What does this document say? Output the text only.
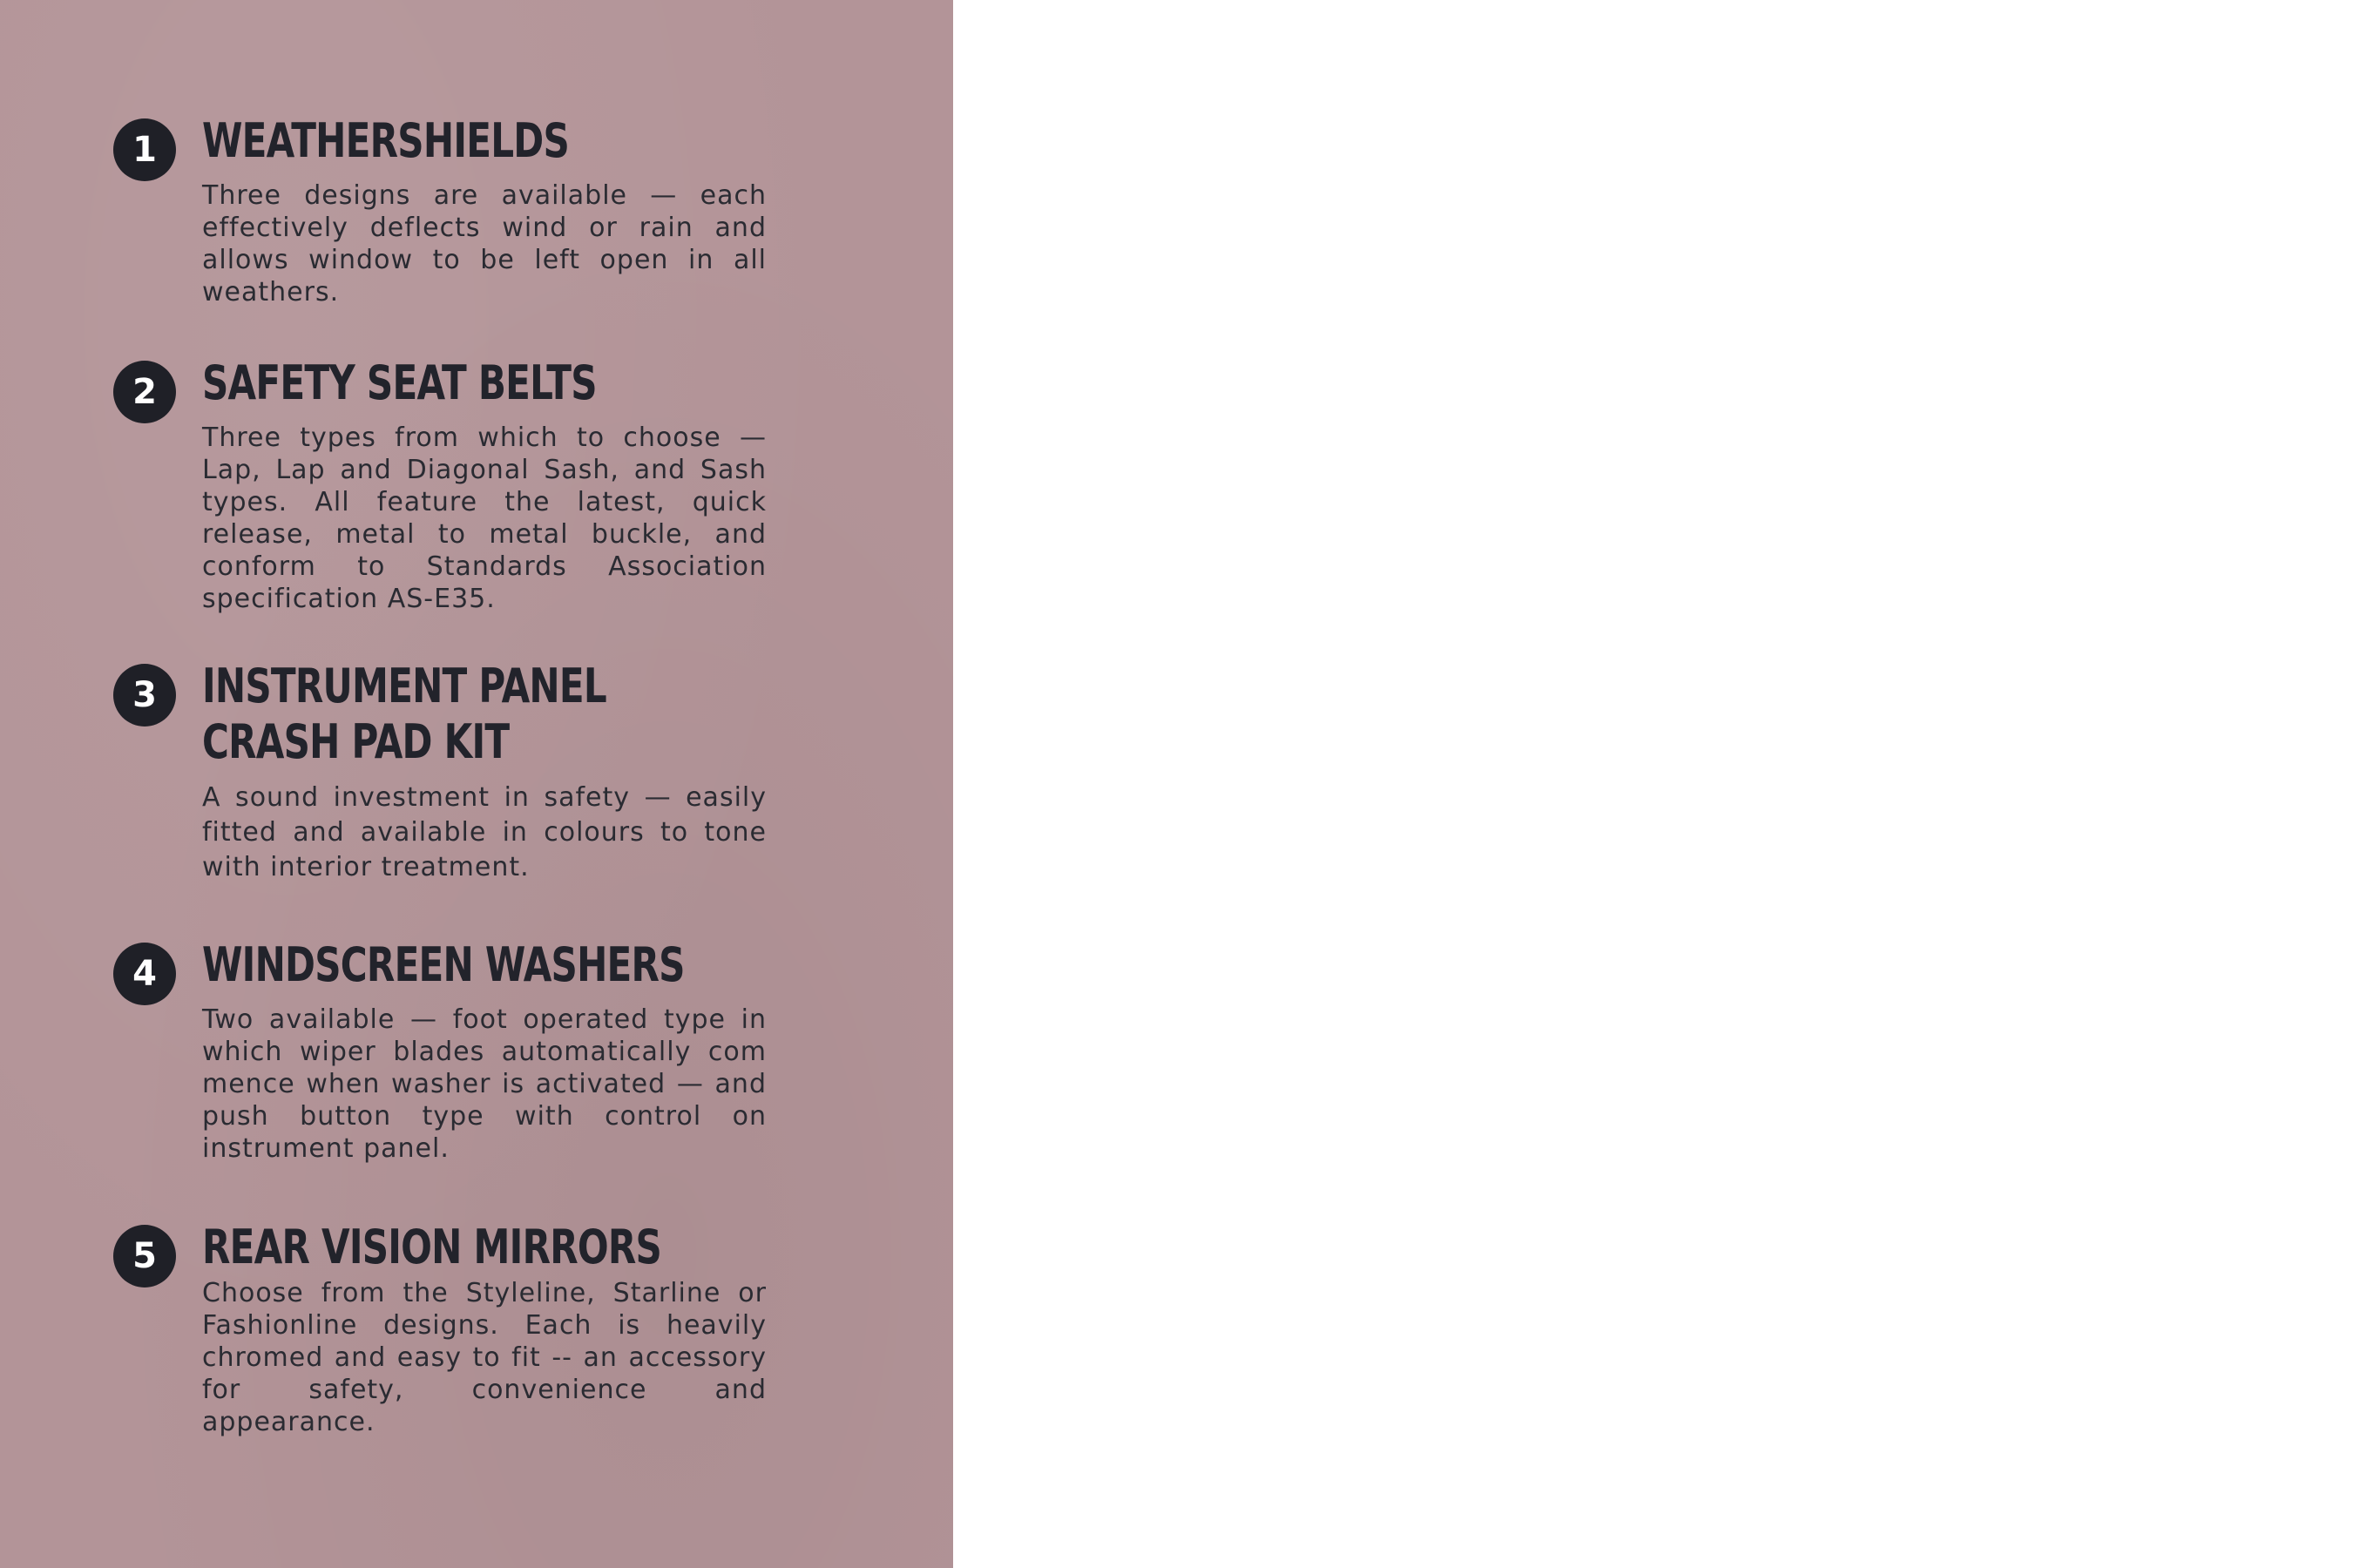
1 WEATHERSHIELDS

Three designs are available — each effectively deflects wind or rain and allows window to be left open in all weathers.

2 SAFETY SEAT BELTS

Three types from which to choose — Lap, Lap and Diagonal Sash, and Sash types. All feature the latest, quick release, metal to metal buckle, and conform to Standards Association specification AS-E35.

3 INSTRUMENT PANEL
CRASH PAD KIT

A sound investment in safety — easily fitted and available in colours to tone with interior treatment.

4 WINDSCREEN WASHERS

Two available — foot operated type in which wiper blades automatically com mence when washer is activated — and push button type with control on instrument panel.

5 REAR VISION MIRRORS

Choose from the Styleline, Starline or Fashionline designs. Each is heavily chromed and easy to fit -- an accessory for safety, convenience and appearance.
